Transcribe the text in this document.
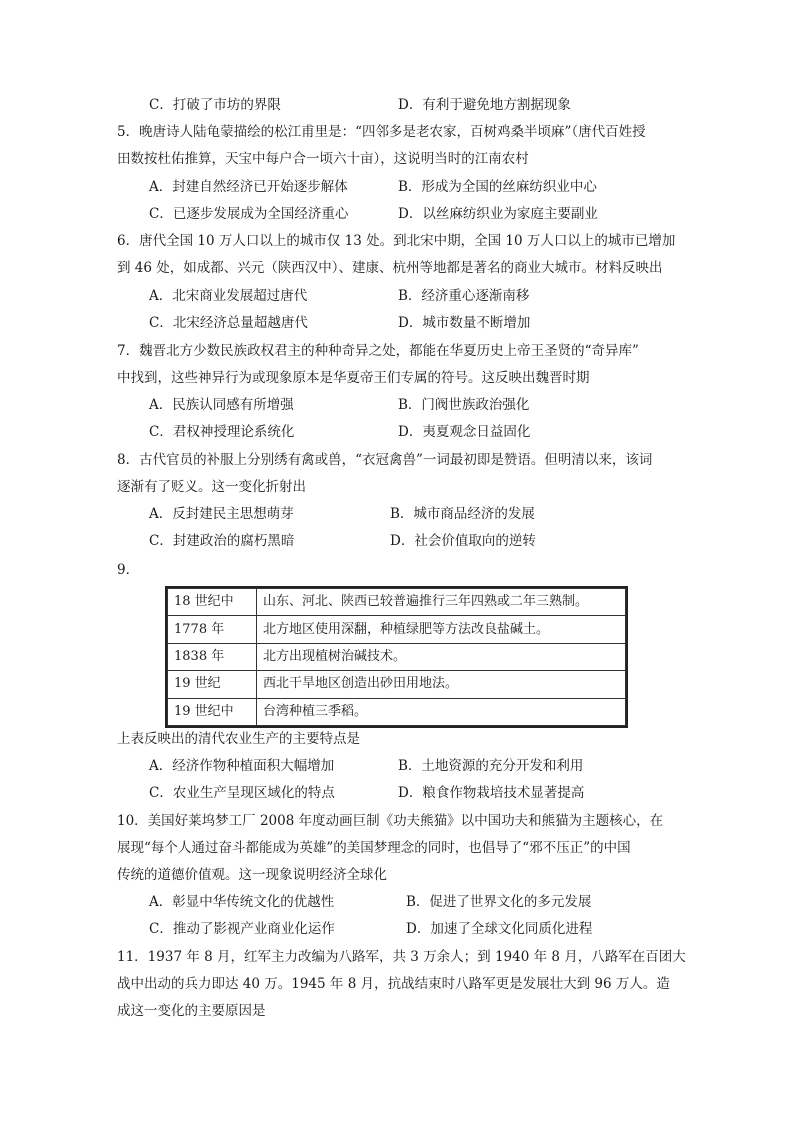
C．打破了市坊的界限	D．有利于避免地方割据现象
5．晚唐诗人陆龟蒙描绘的松江甫里是：“四邻多是老农家，百树鸡桑半顷麻”（唐代百姓授
田数按杜佑推算，天宝中每户合一顷六十亩），这说明当时的江南农村
A．封建自然经济已开始逐步解体	B．形成为全国的丝麻纺织业中心
C．已逐步发展成为全国经济重心	D．以丝麻纺织业为家庭主要副业
6．唐代全国 10 万人口以上的城市仅 13 处。到北宋中期，全国 10 万人口以上的城市已增加
到 46 处，如成都、兴元（陕西汉中）、建康、杭州等地都是著名的商业大城市。材料反映出
A．北宋商业发展超过唐代	B．经济重心逐渐南移
C．北宋经济总量超越唐代	D．城市数量不断增加
7．魏晋北方少数民族政权君主的种种奇异之处，都能在华夏历史上帝王圣贤的“奇异库”
中找到，这些神异行为或现象原本是华夏帝王们专属的符号。这反映出魏晋时期
A．民族认同感有所增强	B．门阀世族政治强化
C．君权神授理论系统化	D．夷夏观念日益固化
8．古代官员的补服上分别绣有禽或兽，“衣冠禽兽”一词最初即是赞语。但明清以来，该词
逐渐有了贬义。这一变化折射出
A．反封建民主思想萌芽	B．城市商品经济的发展
C．封建政治的腐朽黑暗	D．社会价值取向的逆转
9．
18 世纪中	山东、河北、陕西已较普遍推行三年四熟或二年三熟制。
1778 年	北方地区使用深翻，种植绿肥等方法改良盐碱土。
1838 年	北方出现植树治碱技术。
19 世纪	西北干旱地区创造出砂田用地法。
19 世纪中	台湾种植三季稻。
上表反映出的清代农业生产的主要特点是
A．经济作物种植面积大幅增加	B．土地资源的充分开发和利用
C．农业生产呈现区域化的特点	D．粮食作物栽培技术显著提高
10．美国好莱坞梦工厂 2008 年度动画巨制《功夫熊猫》以中国功夫和熊猫为主题核心，在
展现“每个人通过奋斗都能成为英雄”的美国梦理念的同时，也倡导了“邪不压正”的中国
传统的道德价值观。这一现象说明经济全球化
A．彰显中华传统文化的优越性	B．促进了世界文化的多元发展
C．推动了影视产业商业化运作	D．加速了全球文化同质化进程
11．1937 年 8 月，红军主力改编为八路军，共 3 万余人；到 1940 年 8 月，八路军在百团大
战中出动的兵力即达 40 万。1945 年 8 月，抗战结束时八路军更是发展壮大到 96 万人。造
成这一变化的主要原因是
